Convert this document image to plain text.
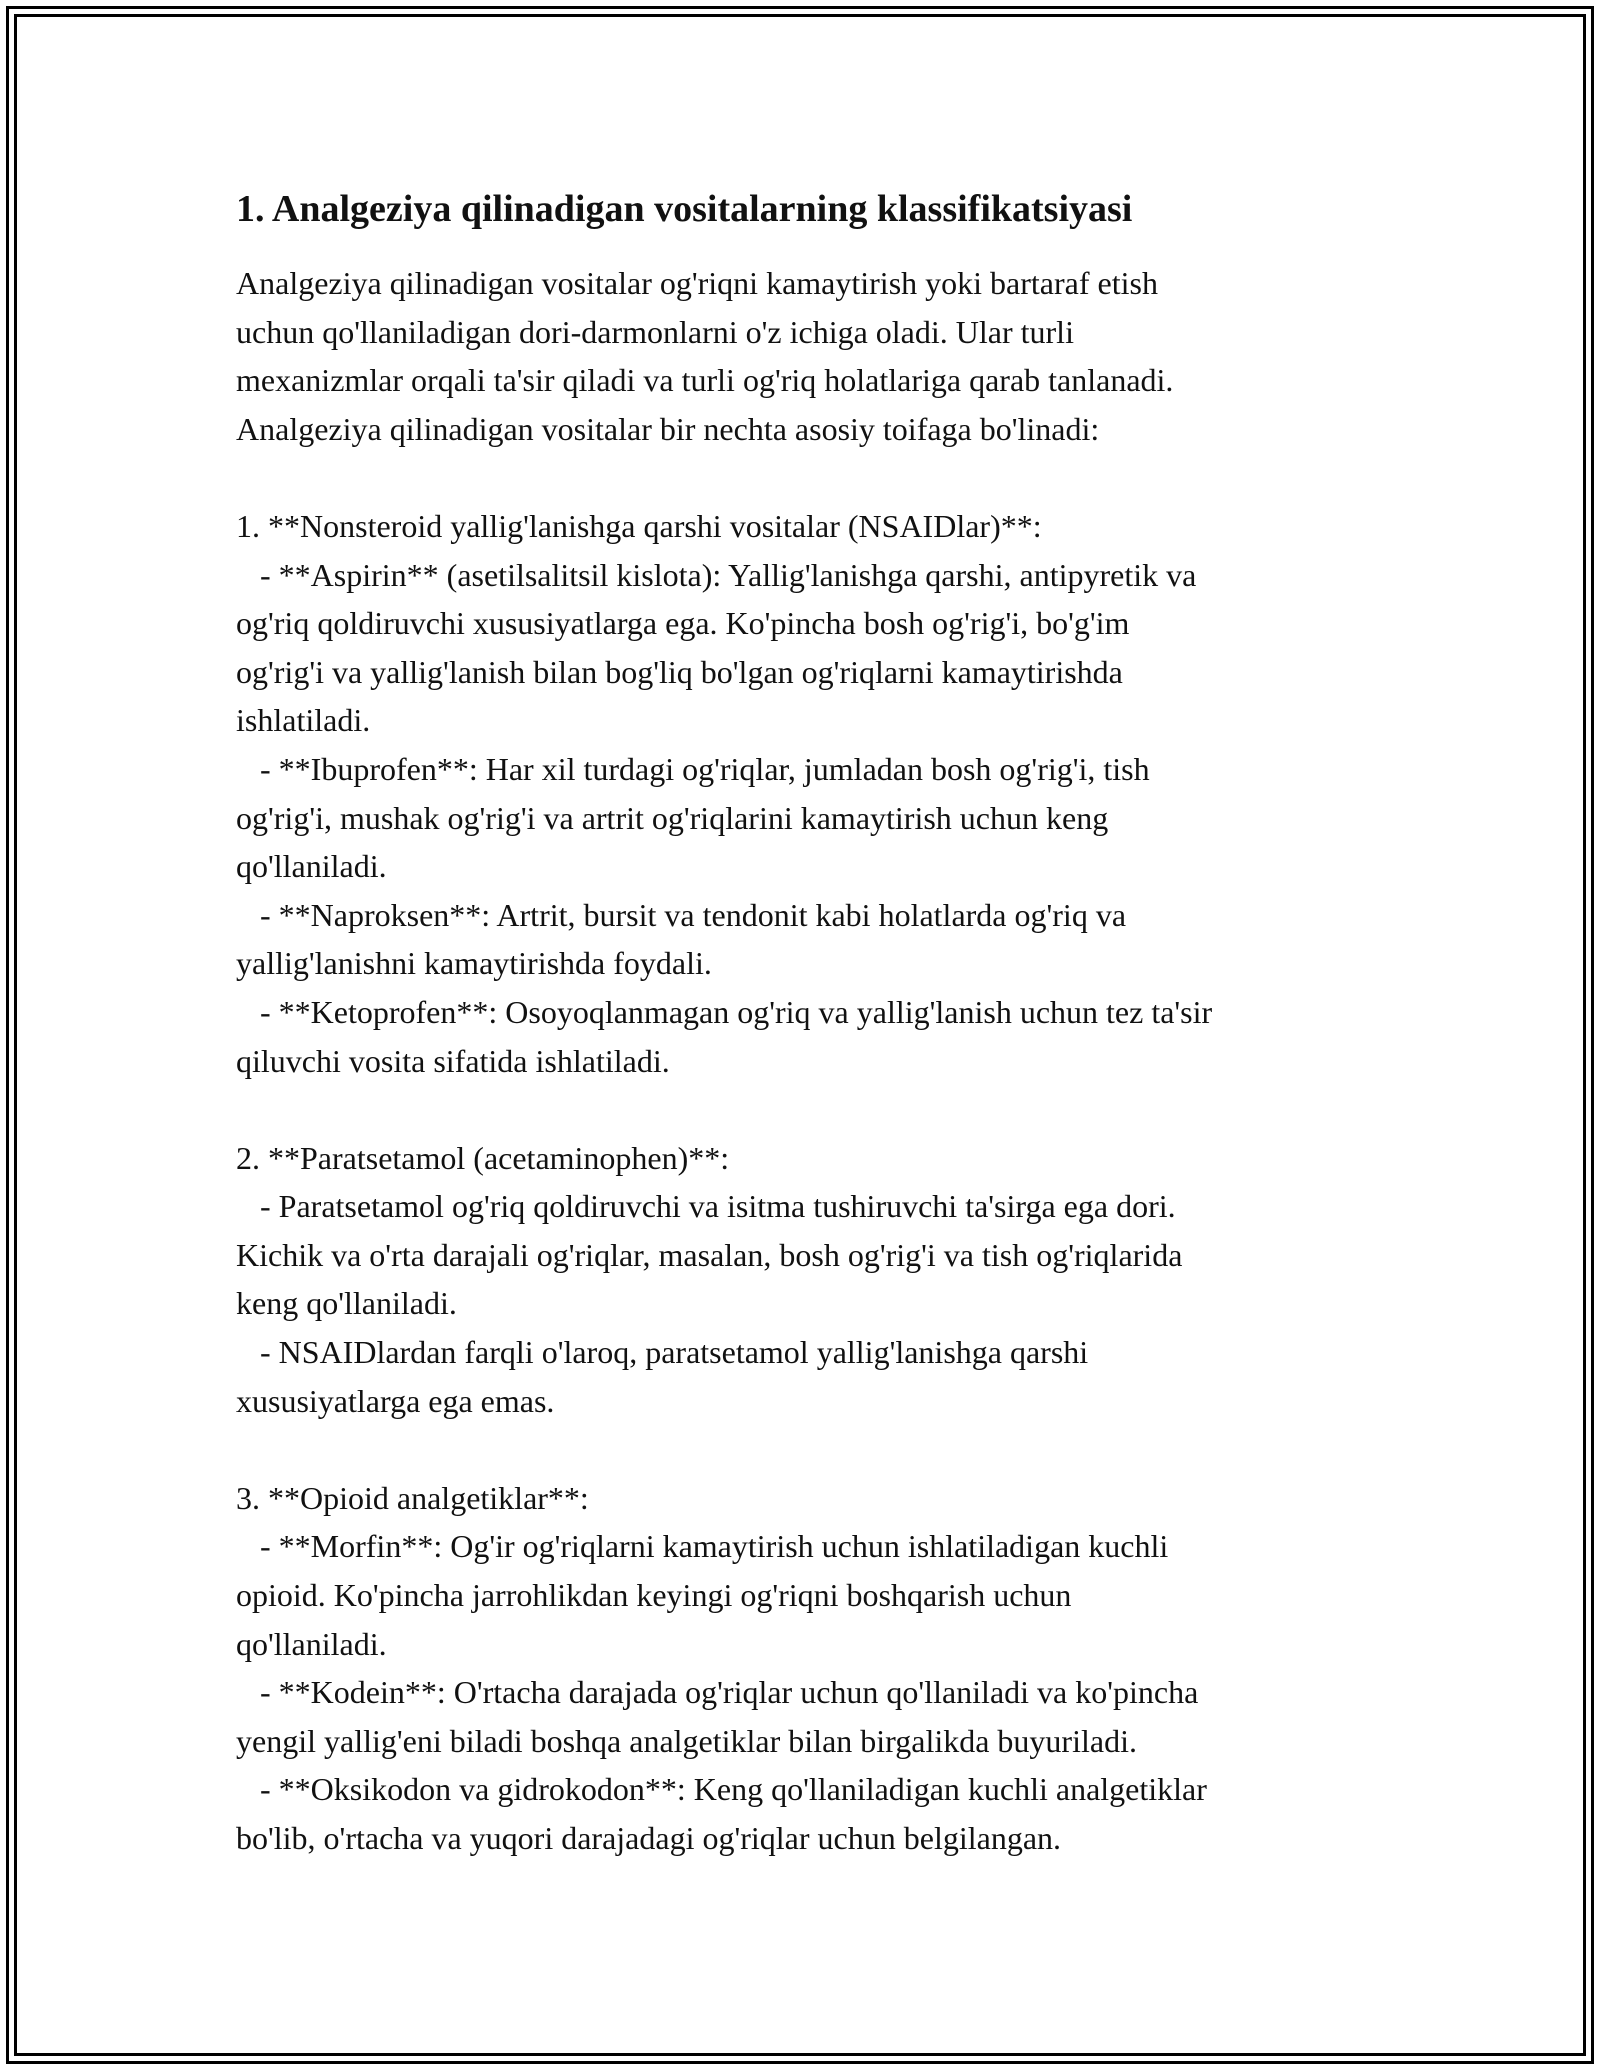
1. Analgeziya qilinadigan vositalarning klassifikatsiyasi

Analgeziya qilinadigan vositalar og'riqni kamaytirish yoki bartaraf etish
uchun qo'llaniladigan dori-darmonlarni o'z ichiga oladi. Ular turli
mexanizmlar orqali ta'sir qiladi va turli og'riq holatlariga qarab tanlanadi.
Analgeziya qilinadigan vositalar bir nechta asosiy toifaga bo'linadi:

1. **Nonsteroid yallig'lanishga qarshi vositalar (NSAIDlar)**:
- **Aspirin** (asetilsalitsil kislota): Yallig'lanishga qarshi, antipyretik va
og'riq qoldiruvchi xususiyatlarga ega. Ko'pincha bosh og'rig'i, bo'g'im
og'rig'i va yallig'lanish bilan bog'liq bo'lgan og'riqlarni kamaytirishda
ishlatiladi.
- **Ibuprofen**: Har xil turdagi og'riqlar, jumladan bosh og'rig'i, tish
og'rig'i, mushak og'rig'i va artrit og'riqlarini kamaytirish uchun keng
qo'llaniladi.
- **Naproksen**: Artrit, bursit va tendonit kabi holatlarda og'riq va
yallig'lanishni kamaytirishda foydali.
- **Ketoprofen**: Osoyoqlanmagan og'riq va yallig'lanish uchun tez ta'sir
qiluvchi vosita sifatida ishlatiladi.

2. **Paratsetamol (acetaminophen)**:
- Paratsetamol og'riq qoldiruvchi va isitma tushiruvchi ta'sirga ega dori.
Kichik va o'rta darajali og'riqlar, masalan, bosh og'rig'i va tish og'riqlarida
keng qo'llaniladi.
- NSAIDlardan farqli o'laroq, paratsetamol yallig'lanishga qarshi
xususiyatlarga ega emas.

3. **Opioid analgetiklar**:
- **Morfin**: Og'ir og'riqlarni kamaytirish uchun ishlatiladigan kuchli
opioid. Ko'pincha jarrohlikdan keyingi og'riqni boshqarish uchun
qo'llaniladi.
- **Kodein**: O'rtacha darajada og'riqlar uchun qo'llaniladi va ko'pincha
yengil yallig'eni biladi boshqa analgetiklar bilan birgalikda buyuriladi.
- **Oksikodon va gidrokodon**: Keng qo'llaniladigan kuchli analgetiklar
bo'lib, o'rtacha va yuqori darajadagi og'riqlar uchun belgilangan.
